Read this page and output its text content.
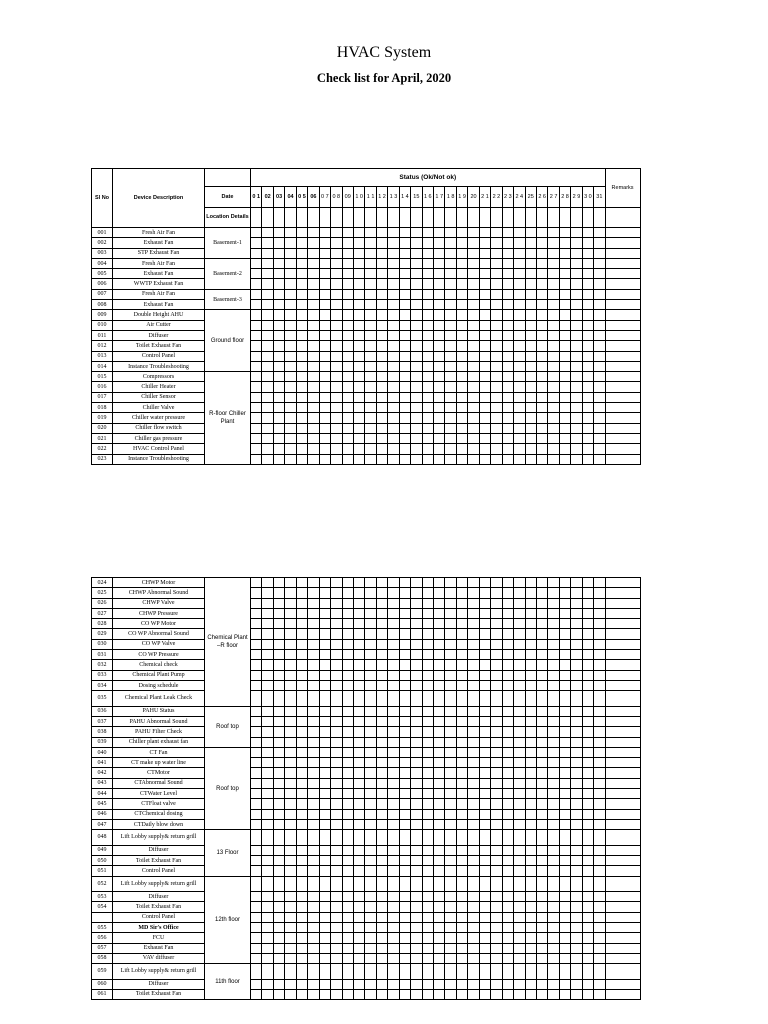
HVAC System
Check list for April, 2020
Sl No	Device Description		Status (Ok/Not ok)																															Remarks
		Date	0 1	02	03	04	0 5	06	0 7	0 8	09	1 0	1 1	1 2	1 3	1 4	15	1 6	1 7	1 8	1 9	20	2 1	2 2	2 3	2 4	25	2 6	2 7	2 8	2 9	3 0	31	
		Location Details																																
001	Fresh Air Fan	Basement-1																																
002	Exhaust Fan																																	
003	STP Exhaust Fan																																	
004	Fresh Air Fan	Basement-2																																
005	Exhaust Fan																																	
006	WWTP Exhaust Fan																																	
007	Fresh Air Fan	Basement-3																																
008	Exhaust Fan																																	
009	Double Height AHU	Ground floor																																
010	Air Cutter																																	
011	Diffuser																																	
012	Toilet Exhaust Fan																																	
013	Control Panel																																	
014	Instance Troubleshooting																																	
015	Compressors	R-floor Chiller Plant																																
016	Chiller Heater																																	
017	Chiller Sensor																																	
018	Chiller Valve																																	
019	Chiller water pressure																																	
020	Chiller flow switch																																	
021	Chiller gas pressure																																	
022	HVAC Control Panel																																	
023	Instance Troubleshooting																																	
024	CHWP Motor	Chemical Plant –R floor																																
025	CHWP Abnormal Sound																																	
026	CHWP Valve																																	
027	CHWP Pressure																																	
028	CO WP Motor																																	
029	CO WP Abnormal Sound																																	
030	CO WP Valve																																	
031	CO WP Pressure																																	
032	Chemical check																																	
033	Chemical Plant Pump																																	
034	Dosing schedule																																	
035	Chemical Plant Leak Check																																	
036	PAHU Status	Roof top																																
037	PAHU Abnormal Sound																																	
038	PAHU Filter Check																																	
039	Chiller plant exhaust fan																																	
040	CT Fan	Roof top																																
041	CT make up water line																																	
042	CTMotor																																	
043	CTAbnormal Sound																																	
044	CTWater Level																																	
045	CTFloat valve																																	
046	CTChemical dosing																																	
047	CTDaily blow down																																	
048	Lift Lobby supply& return grill	13 Floor																																
049	Diffuser																																	
050	Toilet Exhaust Fan																																	
051	Control Panel																																	
052	Lift Lobby supply& return grill	12th floor																																
053	Diffuser																																	
054	Toilet Exhaust Fan																																	
	Control Panel																																	
055	MD Sir's Office																																	
056	FCU																																	
057	Exhaust Fan																																	
058	VAV diffuser																																	
059	Lift Lobby supply& return grill	11th floor																																
060	Diffuser																																	
061	Toilet Exhaust Fan																																	
